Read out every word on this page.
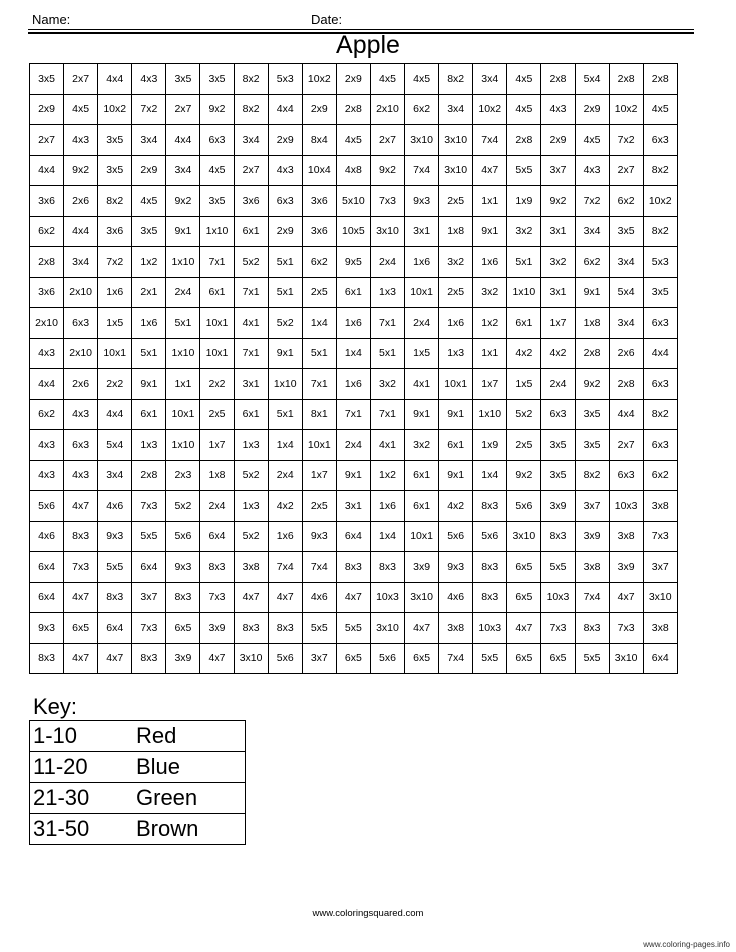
Name:	Date:
Apple
3x5	2x7	4x4	4x3	3x5	3x5	8x2	5x3	10x2	2x9	4x5	4x5	8x2	3x4	4x5	2x8	5x4	2x8	2x8
2x9	4x5	10x2	7x2	2x7	9x2	8x2	4x4	2x9	2x8	2x10	6x2	3x4	10x2	4x5	4x3	2x9	10x2	4x5
2x7	4x3	3x5	3x4	4x4	6x3	3x4	2x9	8x4	4x5	2x7	3x10	3x10	7x4	2x8	2x9	4x5	7x2	6x3
4x4	9x2	3x5	2x9	3x4	4x5	2x7	4x3	10x4	4x8	9x2	7x4	3x10	4x7	5x5	3x7	4x3	2x7	8x2
3x6	2x6	8x2	4x5	9x2	3x5	3x6	6x3	3x6	5x10	7x3	9x3	2x5	1x1	1x9	9x2	7x2	6x2	10x2
6x2	4x4	3x6	3x5	9x1	1x10	6x1	2x9	3x6	10x5	3x10	3x1	1x8	9x1	3x2	3x1	3x4	3x5	8x2
2x8	3x4	7x2	1x2	1x10	7x1	5x2	5x1	6x2	9x5	2x4	1x6	3x2	1x6	5x1	3x2	6x2	3x4	5x3
3x6	2x10	1x6	2x1	2x4	6x1	7x1	5x1	2x5	6x1	1x3	10x1	2x5	3x2	1x10	3x1	9x1	5x4	3x5
2x10	6x3	1x5	1x6	5x1	10x1	4x1	5x2	1x4	1x6	7x1	2x4	1x6	1x2	6x1	1x7	1x8	3x4	6x3
4x3	2x10	10x1	5x1	1x10	10x1	7x1	9x1	5x1	1x4	5x1	1x5	1x3	1x1	4x2	4x2	2x8	2x6	4x4
4x4	2x6	2x2	9x1	1x1	2x2	3x1	1x10	7x1	1x6	3x2	4x1	10x1	1x7	1x5	2x4	9x2	2x8	6x3
6x2	4x3	4x4	6x1	10x1	2x5	6x1	5x1	8x1	7x1	7x1	9x1	9x1	1x10	5x2	6x3	3x5	4x4	8x2
4x3	6x3	5x4	1x3	1x10	1x7	1x3	1x4	10x1	2x4	4x1	3x2	6x1	1x9	2x5	3x5	3x5	2x7	6x3
4x3	4x3	3x4	2x8	2x3	1x8	5x2	2x4	1x7	9x1	1x2	6x1	9x1	1x4	9x2	3x5	8x2	6x3	6x2
5x6	4x7	4x6	7x3	5x2	2x4	1x3	4x2	2x5	3x1	1x6	6x1	4x2	8x3	5x6	3x9	3x7	10x3	3x8
4x6	8x3	9x3	5x5	5x6	6x4	5x2	1x6	9x3	6x4	1x4	10x1	5x6	5x6	3x10	8x3	3x9	3x8	7x3
6x4	7x3	5x5	6x4	9x3	8x3	3x8	7x4	7x4	8x3	8x3	3x9	9x3	8x3	6x5	5x5	3x8	3x9	3x7
6x4	4x7	8x3	3x7	8x3	7x3	4x7	4x7	4x6	4x7	10x3	3x10	4x6	8x3	6x5	10x3	7x4	4x7	3x10
9x3	6x5	6x4	7x3	6x5	3x9	8x3	8x3	5x5	5x5	3x10	4x7	3x8	10x3	4x7	7x3	8x3	7x3	3x8
8x3	4x7	4x7	8x3	3x9	4x7	3x10	5x6	3x7	6x5	5x6	6x5	7x4	5x5	6x5	6x5	5x5	3x10	6x4
Key:
1-10	Red
11-20	Blue
21-30	Green
31-50	Brown
www.coloringsquared.com
www.coloring-pages.info
